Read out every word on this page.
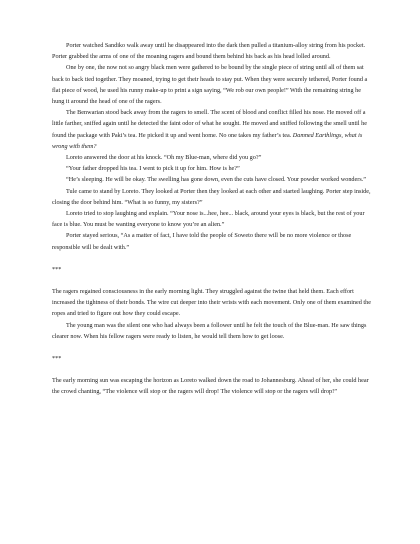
Porter watched Sandiko walk away until he disappeared into the dark then pulled a titanium-alloy string from his pocket. Porter grabbed the arms of one of the moaning ragers and bound them behind his back as his head lolled around.

One by one, the now not so angry black men were gathered to be bound by the single piece of string until all of them sat back to back tied together. They moaned, trying to get their heads to stay put. When they were securely tethered, Porter found a flat piece of wood, he used his runny make-up to print a sign saying, “We rob our own people!” With the remaining string he hung it around the head of one of the ragers.

The Benwarian stood back away from the ragers to smell. The scent of blood and conflict filled his nose. He moved off a little farther, sniffed again until he detected the faint odor of what he sought. He moved and sniffed following the smell until he found the package with Paki’s tea. He picked it up and went home. No one takes my father’s tea. Damned Earthlings, what is wrong with them?

Loreto answered the door at his knock. “Oh my Blue-man, where did you go?”

“Your father dropped his tea. I went to pick it up for him. How is he?”

“He’s sleeping. He will be okay. The swelling has gone down, even the cuts have closed. Your powder worked wonders.”

Tule came to stand by Loreto. They looked at Porter then they looked at each other and started laughing. Porter step inside, closing the door behind him. “What is so funny, my sisters?”

Loreto tried to stop laughing and explain. “Your nose is...hee, hee... black, around your eyes is black, but the rest of your face is blue. You must be wanting everyone to know you’re an alien.”

Porter stayed serious, “As a matter of fact, I have told the people of Soweto there will be no more violence or those responsible will be dealt with.”

***

The ragers regained consciousness in the early morning light. They struggled against the twine that held them. Each effort increased the tightness of their bonds. The wire cut deeper into their wrists with each movement. Only one of them examined the ropes and tried to figure out how they could escape.

The young man was the silent one who had always been a follower until he felt the touch of the Blue-man. He saw things clearer now. When his fellow ragers were ready to listen, he would tell them how to get loose.

***

The early morning sun was escaping the horizon as Loreto walked down the road to Johannesburg. Ahead of her, she could hear the crowd chanting, “The violence will stop or the ragers will drop! The violence will stop or the ragers will drop!”
